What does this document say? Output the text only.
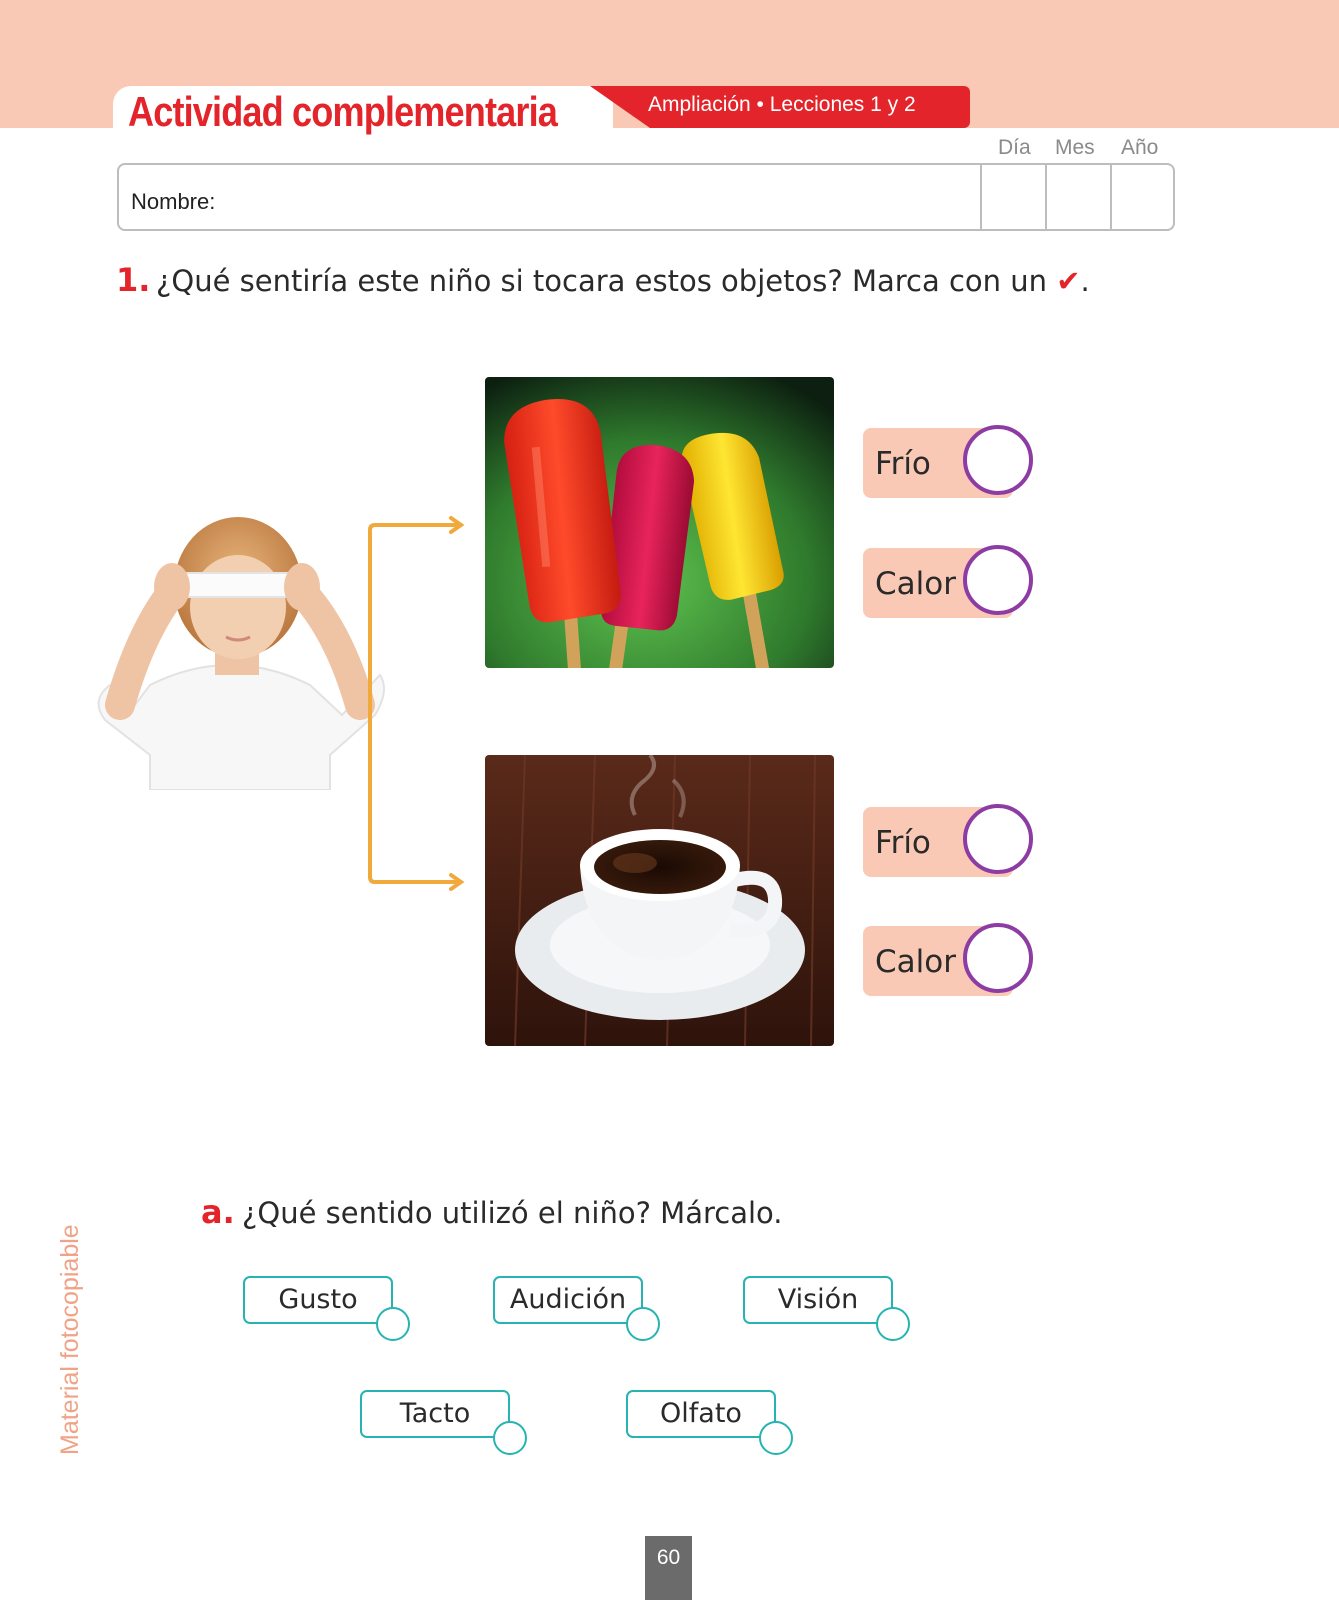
Actividad complementaria	Ampliación • Lecciones 1 y 2
Día Mes Año
Nombre:
1. ¿Qué sentiría este niño si tocara estos objetos? Marca con un ✔.
Frío
Calor
Frío
Calor
a. ¿Qué sentido utilizó el niño? Márcalo.
Gusto	Audición	Visión
Tacto	Olfato
Material fotocopiable
60
